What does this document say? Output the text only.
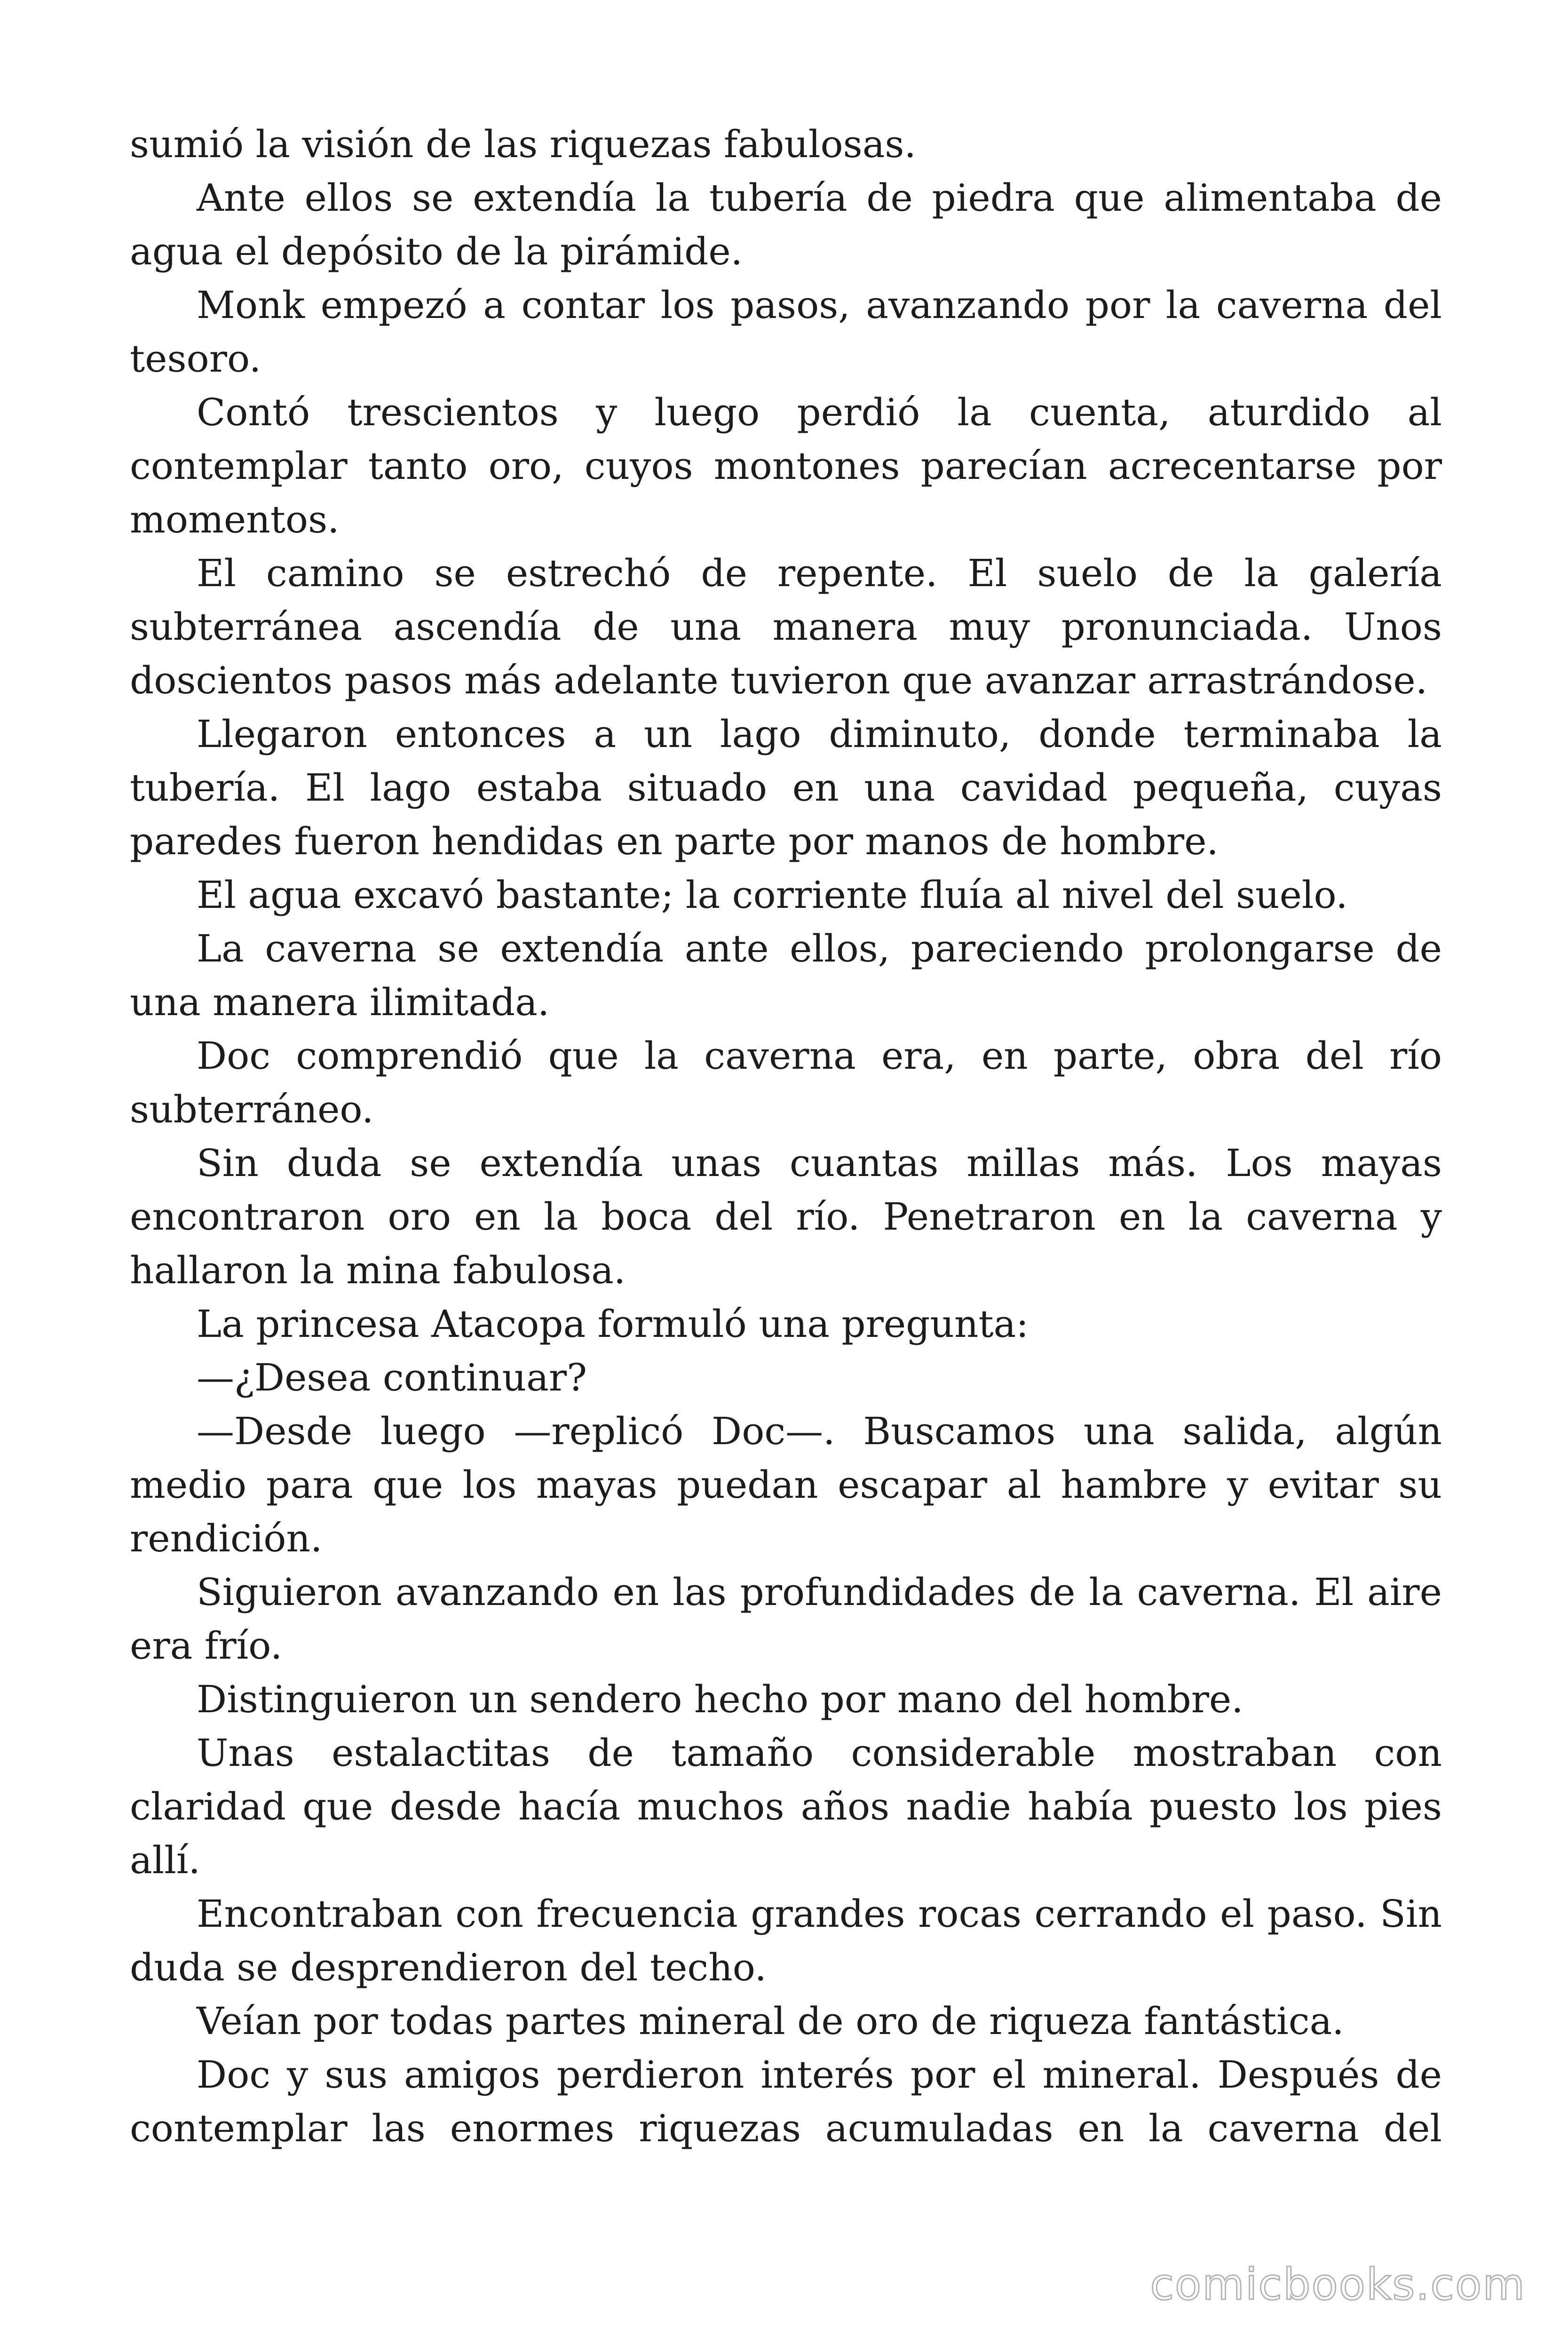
sumió la visión de las riquezas fabulosas.

Ante ellos se extendía la tubería de piedra que alimentaba de agua el depósito de la pirámide.

Monk empezó a contar los pasos, avanzando por la caverna del tesoro.

Contó trescientos y luego perdió la cuenta, aturdido al contemplar tanto oro, cuyos montones parecían acrecentarse por momentos.

El camino se estrechó de repente. El suelo de la galería subterránea ascendía de una manera muy pronunciada. Unos doscientos pasos más adelante tuvieron que avanzar arrastrándose.

Llegaron entonces a un lago diminuto, donde terminaba la tubería. El lago estaba situado en una cavidad pequeña, cuyas paredes fueron hendidas en parte por manos de hombre.

El agua excavó bastante; la corriente fluía al nivel del suelo.

La caverna se extendía ante ellos, pareciendo prolongarse de una manera ilimitada.

Doc comprendió que la caverna era, en parte, obra del río subterráneo.

Sin duda se extendía unas cuantas millas más. Los mayas encontraron oro en la boca del río. Penetraron en la caverna y hallaron la mina fabulosa.

La princesa Atacopa formuló una pregunta:

—¿Desea continuar?

—Desde luego —replicó Doc—. Buscamos una salida, algún medio para que los mayas puedan escapar al hambre y evitar su rendición.

Siguieron avanzando en las profundidades de la caverna. El aire era frío.

Distinguieron un sendero hecho por mano del hombre.

Unas estalactitas de tamaño considerable mostraban con claridad que desde hacía muchos años nadie había puesto los pies allí.

Encontraban con frecuencia grandes rocas cerrando el paso. Sin duda se desprendieron del techo.

Veían por todas partes mineral de oro de riqueza fantástica.

Doc y sus amigos perdieron interés por el mineral. Después de contemplar las enormes riquezas acumuladas en la caverna del

comicbooks.com
